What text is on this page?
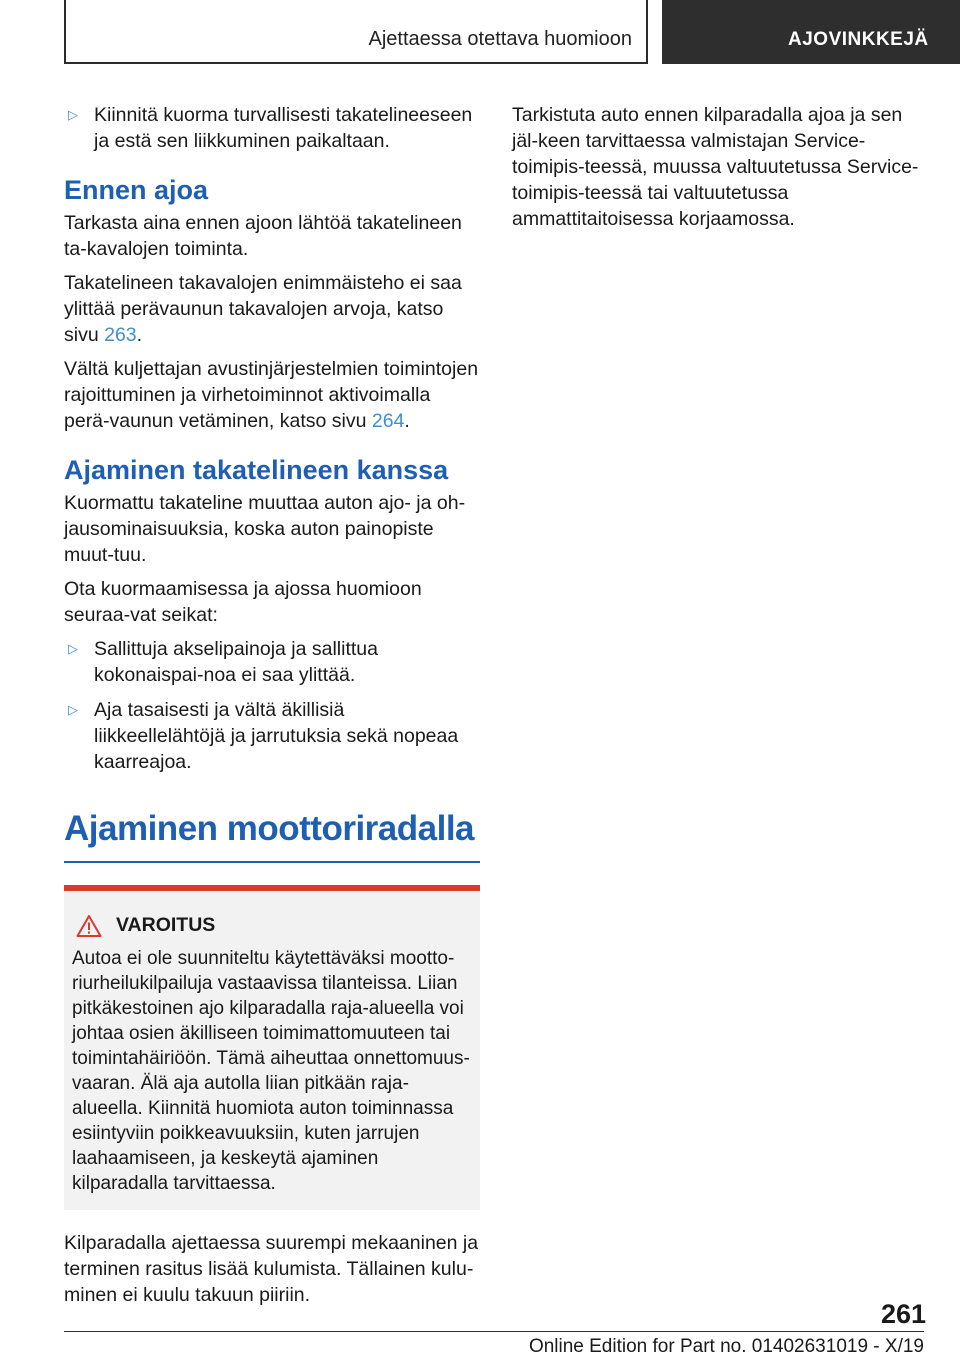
Ajettaessa otettava huomioon	AJOVINKKEJÄ
▷ Kiinnitä kuorma turvallisesti takatelineeseen ja estä sen liikkuminen paikaltaan.
Ennen ajoa

Tarkasta aina ennen ajoon lähtöä takatelineen ta-kavalojen toiminta.

Takatelineen takavalojen enimmäisteho ei saa ylittää perävaunun takavalojen arvoja, katso sivu 263.

Vältä kuljettajan avustinjärjestelmien toimintojen rajoittuminen ja virhetoiminnot aktivoimalla perä-vaunun vetäminen, katso sivu 264.

Ajaminen takatelineen kanssa

Kuormattu takateline muuttaa auton ajo- ja oh-jausominaisuuksia, koska auton painopiste muut-tuu.

Ota kuormaamisessa ja ajossa huomioon seuraa-vat seikat:

▷ Sallittuja akselipainoja ja sallittua kokonaispai-noa ei saa ylittää.
▷ Aja tasaisesti ja vältä äkillisiä liikkeellelähtöjä ja jarrutuksia sekä nopeaa kaarreajoa.
Ajaminen moottoriradalla
VAROITUS
Autoa ei ole suunniteltu käytettäväksi mootto-riurheilukilpailuja vastaavissa tilanteissa. Liian pitkäkestoinen ajo kilparadalla raja-alueella voi johtaa osien äkilliseen toimimattomuuteen tai toimintahäiriöön. Tämä aiheuttaa onnettomuus-vaaran. Älä aja autolla liian pitkään raja-alueella. Kiinnitä huomiota auton toiminnassa esiintyviin poikkeavuuksiin, kuten jarrujen laahaamiseen, ja keskeytä ajaminen kilparadalla tarvittaessa.

Kilparadalla ajettaessa suurempi mekaaninen ja terminen rasitus lisää kulumista. Tällainen kulu-minen ei kuulu takuun piiriin.

Tarkistuta auto ennen kilparadalla ajoa ja sen jäl-keen tarvittaessa valmistajan Service-toimipis-teessä, muussa valtuutetussa Service-toimipis-teessä tai valtuutetussa ammattitaitoisessa korjaamossa.

261
Online Edition for Part no. 01402631019 - X/19
